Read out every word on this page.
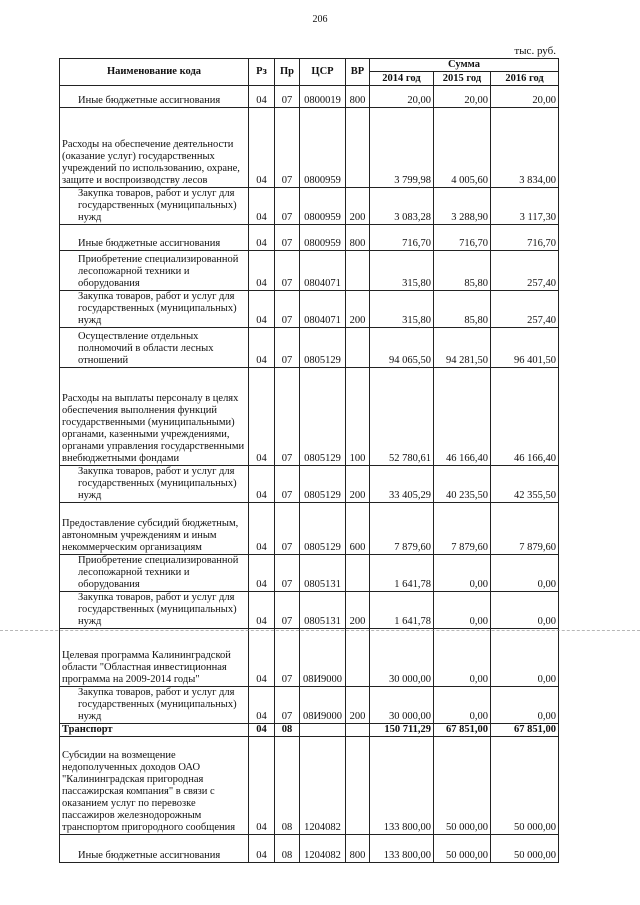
206
тыс. руб.
Наименование кода	Рз	Пр	ЦСР	ВР	Сумма		
					2014 год	2015 год	2016 год
Иные бюджетные ассигнования	04	07	0800019	800	20,00	20,00	20,00
Расходы на обеспечение деятельности (оказание услуг) государственных учреждений по использованию, охране, защите и воспроизводству лесов	04	07	0800959		3 799,98	4 005,60	3 834,00
Закупка товаров, работ и услуг для государственных (муниципальных) нужд	04	07	0800959	200	3 083,28	3 288,90	3 117,30
Иные бюджетные ассигнования	04	07	0800959	800	716,70	716,70	716,70
Приобретение специализированной лесопожарной техники и оборудования	04	07	0804071		315,80	85,80	257,40
Закупка товаров, работ и услуг для государственных (муниципальных) нужд	04	07	0804071	200	315,80	85,80	257,40
Осуществление отдельных полномочий в области лесных отношений	04	07	0805129		94 065,50	94 281,50	96 401,50
Расходы на выплаты персоналу в целях обеспечения выполнения функций государственными (муниципальными) органами, казенными учреждениями, органами управления государственными внебюджетными фондами	04	07	0805129	100	52 780,61	46 166,40	46 166,40
Закупка товаров, работ и услуг для государственных (муниципальных) нужд	04	07	0805129	200	33 405,29	40 235,50	42 355,50
Предоставление субсидий бюджетным, автономным учреждениям и иным некоммерческим организациям	04	07	0805129	600	7 879,60	7 879,60	7 879,60
Приобретение специализированной лесопожарной техники и оборудования	04	07	0805131		1 641,78	0,00	0,00
Закупка товаров, работ и услуг для государственных (муниципальных) нужд	04	07	0805131	200	1 641,78	0,00	0,00
Целевая программа Калининградской области "Областная инвестиционная программа на 2009-2014 годы"	04	07	08И9000		30 000,00	0,00	0,00
Закупка товаров, работ и услуг для государственных (муниципальных) нужд	04	07	08И9000	200	30 000,00	0,00	0,00
Транспорт	04	08			150 711,29	67 851,00	67 851,00
Субсидии на возмещение недополученных доходов ОАО "Калининградская пригородная пассажирская компания" в связи с оказанием услуг по перевозке пассажиров железнодорожным транспортом пригородного сообщения	04	08	1204082		133 800,00	50 000,00	50 000,00
Иные бюджетные ассигнования	04	08	1204082	800	133 800,00	50 000,00	50 000,00
